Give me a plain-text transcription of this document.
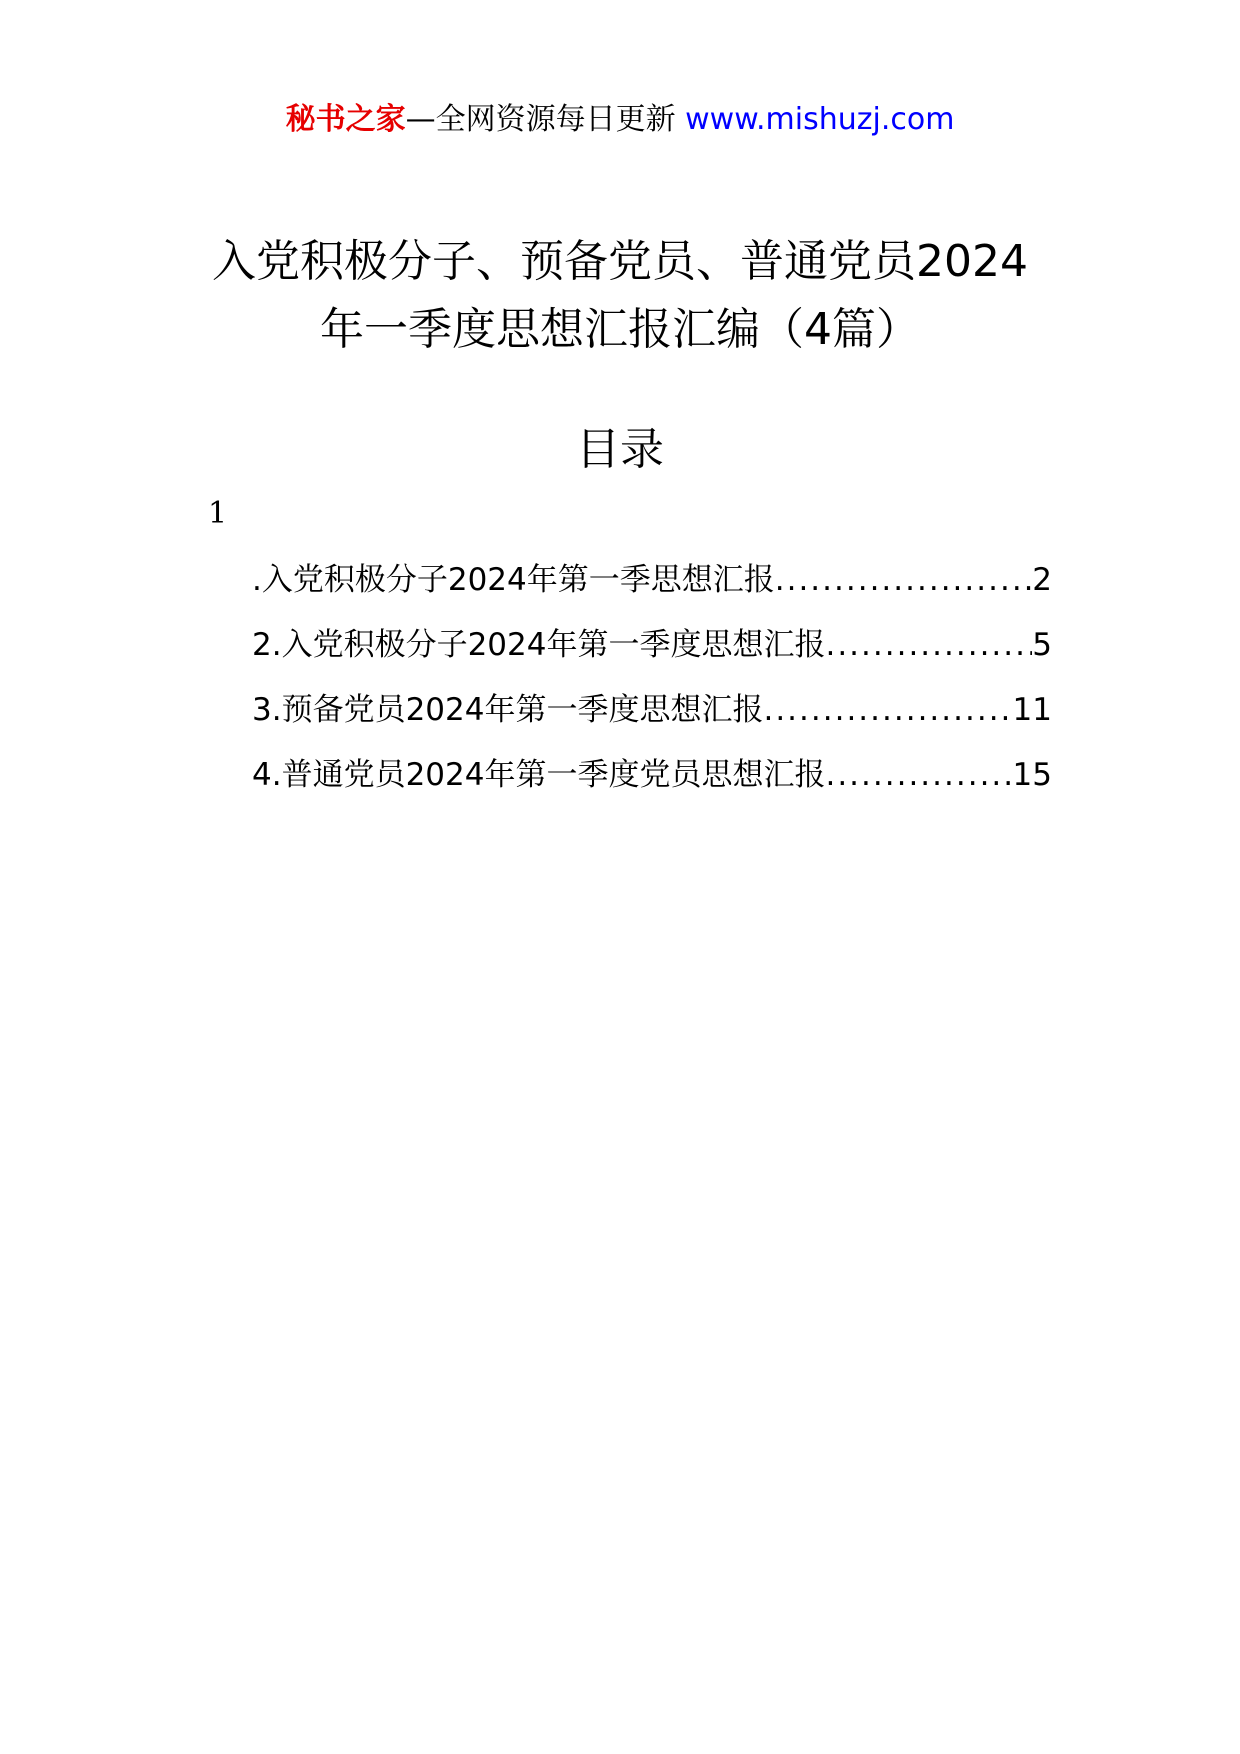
秘书之家—全网资源每日更新 www.mishuzj.com
入党积极分子、预备党员、普通党员2024
年一季度思想汇报汇编（4篇）
目录
1
.入党积极分子2024年第一季思想汇报 .....	2
2.入党积极分子2024年第一季度思想汇报 .....	5
3.预备党员2024年第一季度思想汇报 .....	11
4.普通党员2024年第一季度党员思想汇报 .....	15
